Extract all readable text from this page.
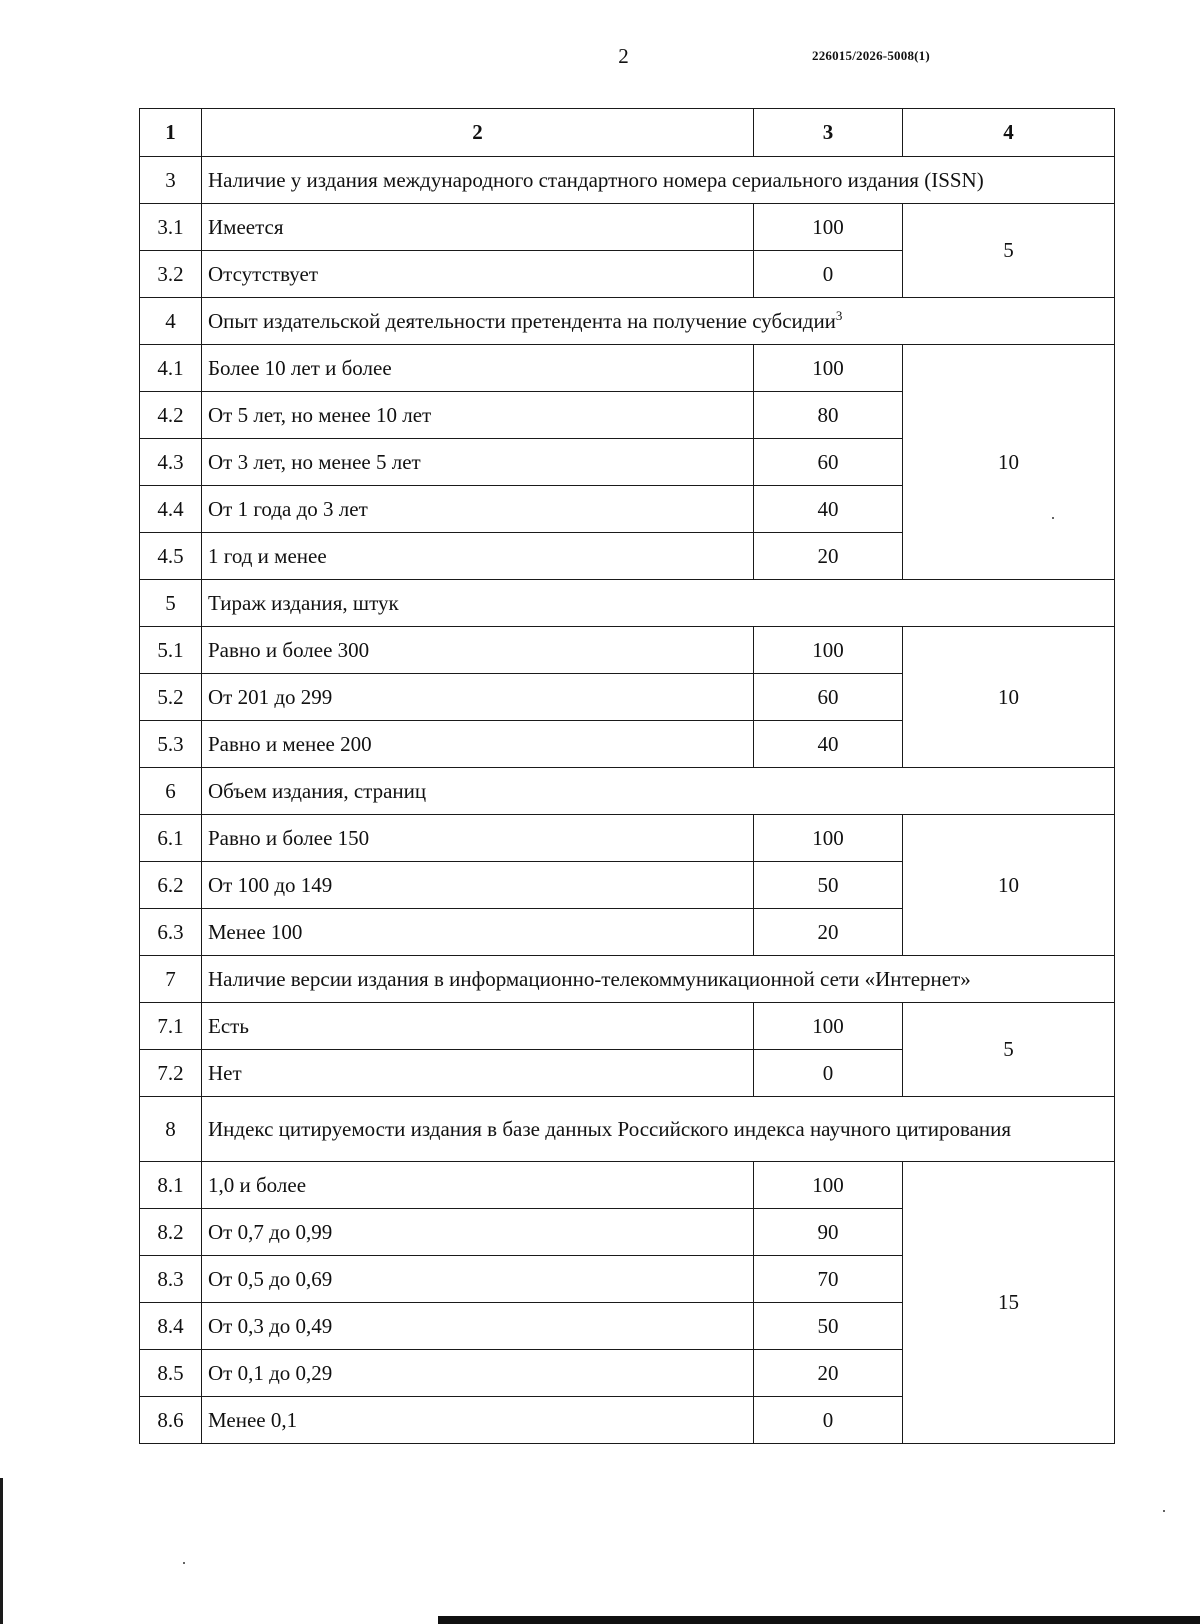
2	226015/2026-5008(1)
1	2	3	4
3	Наличие у издания международного стандартного номера сериального издания (ISSN)		
3.1	Имеется	100	5
3.2	Отсутствует	0	
4	Опыт издательской деятельности претендента на получение субсидии$^3$
4.1	Более 10 лет и более	100	10
4.2	От 5 лет, но менее 10 лет	80	
4.3	От 3 лет, но менее 5 лет	60	
4.4	От 1 года до 3 лет	40	
4.5	1 год и менее	20	
5	Тираж издания, штук		
5.1	Равно и более 300	100	10
5.2	От 201 до 299	60	
5.3	Равно и менее 200	40	
6	Объем издания, страниц		
6.1	Равно и более 150	100	10
6.2	От 100 до 149	50	
6.3	Менее 100	20	
7	Наличие версии издания в информационно-телекоммуникационной сети «Интернет»		
7.1	Есть	100	5
7.2	Нет	0	
8	Индекс цитируемости издания в базе данных Российского индекса научного цитирования		
8.1	1,0 и более	100	15
8.2	От 0,7 до 0,99	90	
8.3	От 0,5 до 0,69	70	
8.4	От 0,3 до 0,49	50	
8.5	От 0,1 до 0,29	20	
8.6	Менее 0,1	0	
